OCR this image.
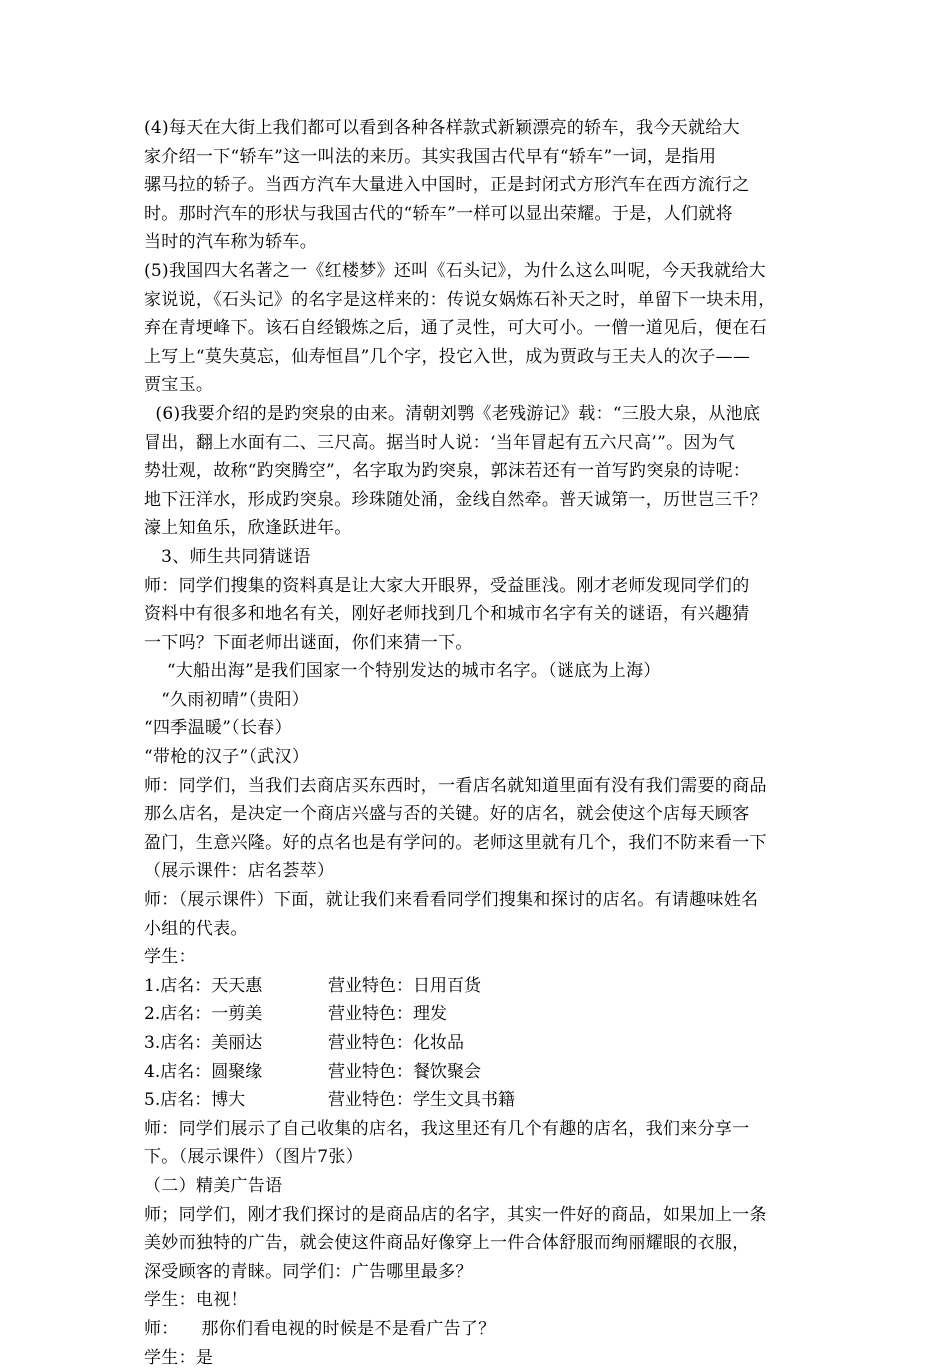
(4)每天在大街上我们都可以看到各种各样款式新颖漂亮的轿车，我今天就给大
家介绍一下“轿车”这一叫法的来历。其实我国古代早有“轿车”一词，是指用
骡马拉的轿子。当西方汽车大量进入中国时，正是封闭式方形汽车在西方流行之
时。那时汽车的形状与我国古代的“轿车”一样可以显出荣耀。于是，人们就将
当时的汽车称为轿车。
(5)我国四大名著之一《红楼梦》还叫《石头记》，为什么这么叫呢，今天我就给大
家说说，《石头记》的名字是这样来的：传说女娲炼石补天之时，单留下一块未用，
弃在青埂峰下。该石自经锻炼之后，通了灵性，可大可小。一僧一道见后，便在石
上写上“莫失莫忘，仙寿恒昌”几个字，投它入世，成为贾政与王夫人的次子——
贾宝玉。
(6)我要介绍的是趵突泉的由来。清朝刘鹗《老残游记》载：“三股大泉，从池底
冒出，翻上水面有二、三尺高。据当时人说：‘当年冒起有五六尺高’”。因为气
势壮观，故称“趵突腾空”，名字取为趵突泉，郭沫若还有一首写趵突泉的诗呢：
地下汪洋水，形成趵突泉。珍珠随处涌，金线自然牵。普天诚第一，历世岂三千？
濠上知鱼乐，欣逢跃进年。
3、师生共同猜谜语
师：同学们搜集的资料真是让大家大开眼界，受益匪浅。刚才老师发现同学们的
资料中有很多和地名有关，刚好老师找到几个和城市名字有关的谜语，有兴趣猜
一下吗？下面老师出谜面，你们来猜一下。
“大船出海”是我们国家一个特别发达的城市名字。（谜底为上海）
“久雨初晴”（贵阳）
“四季温暖”（长春）
“带枪的汉子”（武汉）
师：同学们，当我们去商店买东西时，一看店名就知道里面有没有我们需要的商品
那么店名，是决定一个商店兴盛与否的关键。好的店名，就会使这个店每天顾客
盈门，生意兴隆。好的点名也是有学问的。老师这里就有几个，我们不防来看一下
（展示课件：店名荟萃）
师：（展示课件）下面，就让我们来看看同学们搜集和探讨的店名。有请趣味姓名
小组的代表。
学生：
1.店名：天天惠	营业特色：日用百货
2.店名：一剪美	营业特色：理发
3.店名：美丽达	营业特色：化妆品
4.店名：圆聚缘	营业特色：餐饮聚会
5.店名：博大	营业特色：学生文具书籍
师：同学们展示了自己收集的店名，我这里还有几个有趣的店名，我们来分享一
下。（展示课件）（图片7张）
（二）精美广告语
师；同学们，刚才我们探讨的是商品店的名字，其实一件好的商品，如果加上一条
美妙而独特的广告，就会使这件商品好像穿上一件合体舒服而绚丽耀眼的衣服，
深受顾客的青睐。同学们：广告哪里最多？
学生：电视！
师：    那你们看电视的时候是不是看广告了？
学生：是
